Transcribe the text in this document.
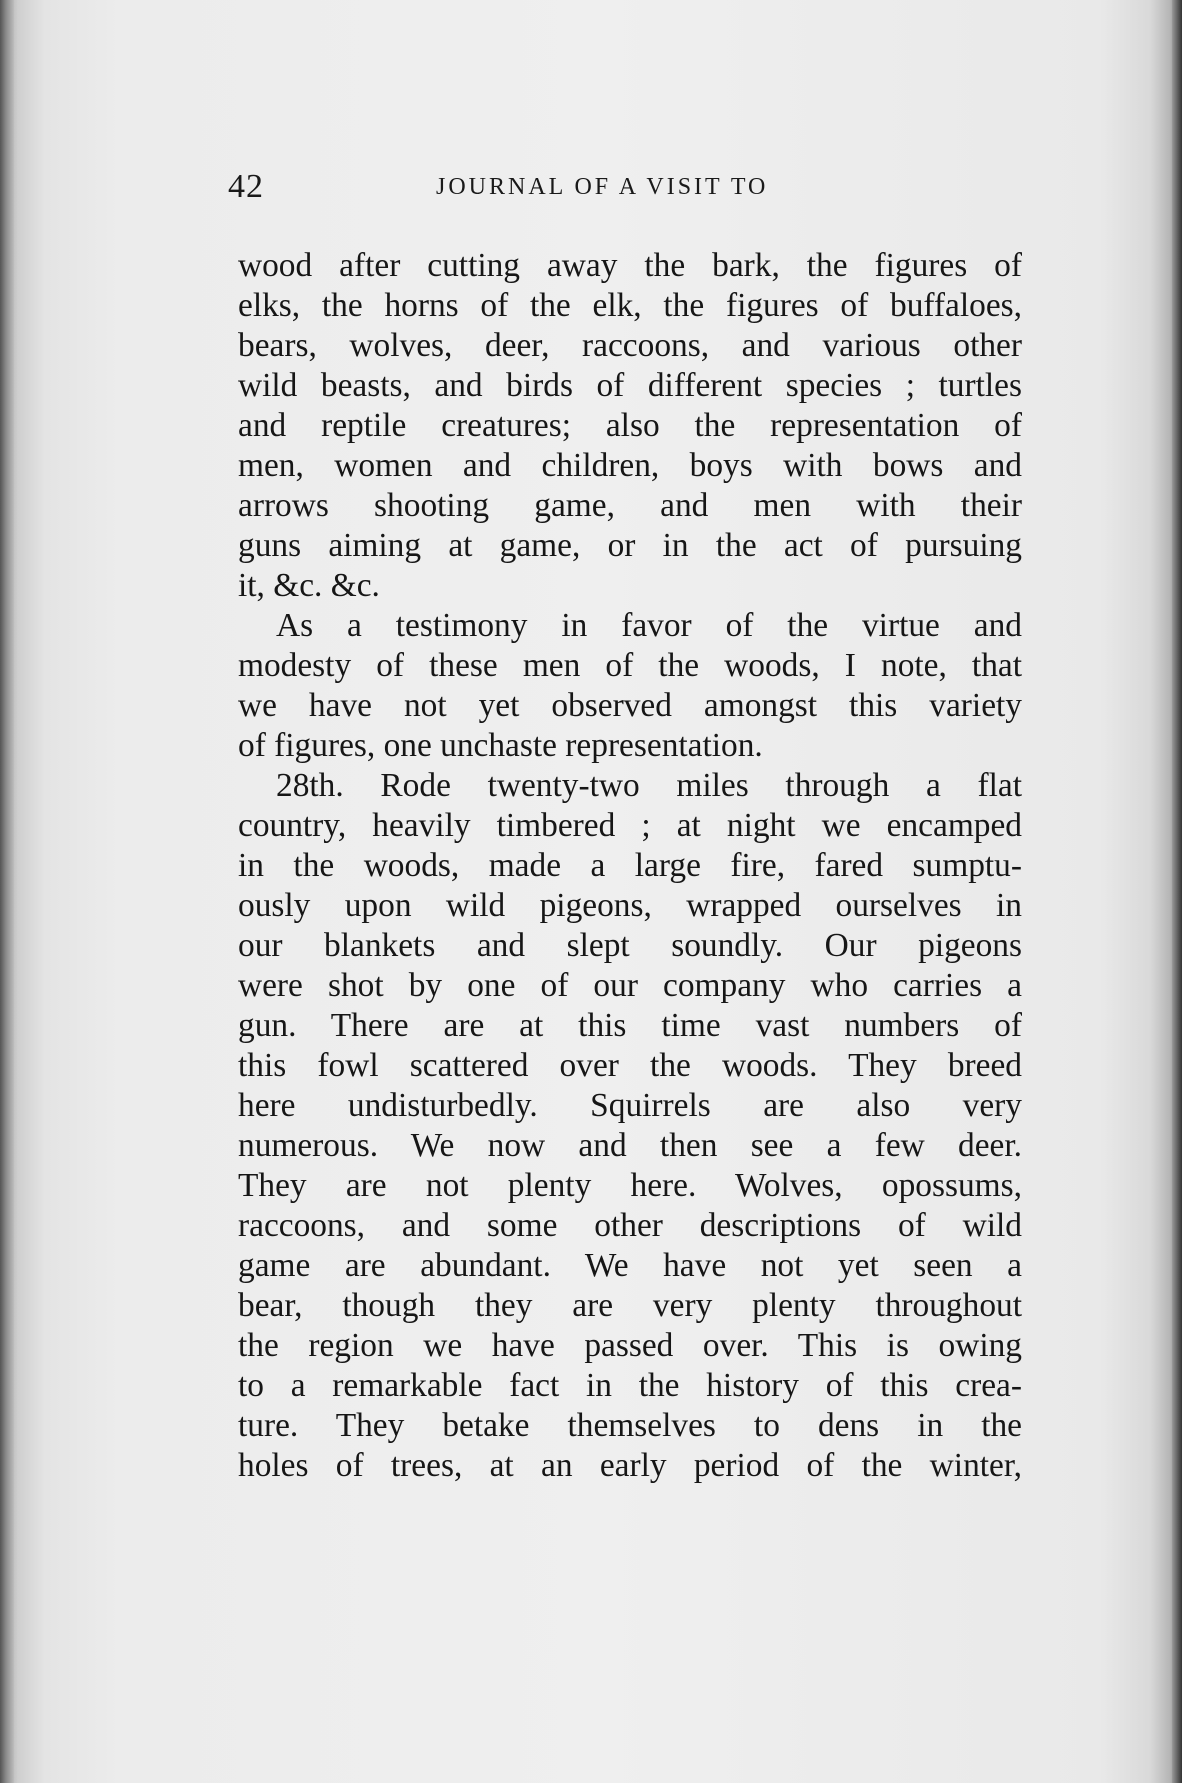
42	JOURNAL OF A VISIT TO
wood after cutting away the bark, the figures of
elks, the horns of the elk, the figures of buffaloes,
bears, wolves, deer, raccoons, and various other
wild beasts, and birds of different species ; turtles
and reptile creatures; also the representation of
men, women and children, boys with bows and
arrows shooting game, and men with their
guns aiming at game, or in the act of pursuing
it, &c. &c.
As a testimony in favor of the virtue and
modesty of these men of the woods, I note, that
we have not yet observed amongst this variety
of figures, one unchaste representation.
28th. Rode twenty-two miles through a flat
country, heavily timbered ; at night we encamped
in the woods, made a large fire, fared sumptu-
ously upon wild pigeons, wrapped ourselves in
our blankets and slept soundly. Our pigeons
were shot by one of our company who carries a
gun. There are at this time vast numbers of
this fowl scattered over the woods. They breed
here undisturbedly. Squirrels are also very
numerous. We now and then see a few deer.
They are not plenty here. Wolves, opossums,
raccoons, and some other descriptions of wild
game are abundant. We have not yet seen a
bear, though they are very plenty throughout
the region we have passed over. This is owing
to a remarkable fact in the history of this crea-
ture. They betake themselves to dens in the
holes of trees, at an early period of the winter,
